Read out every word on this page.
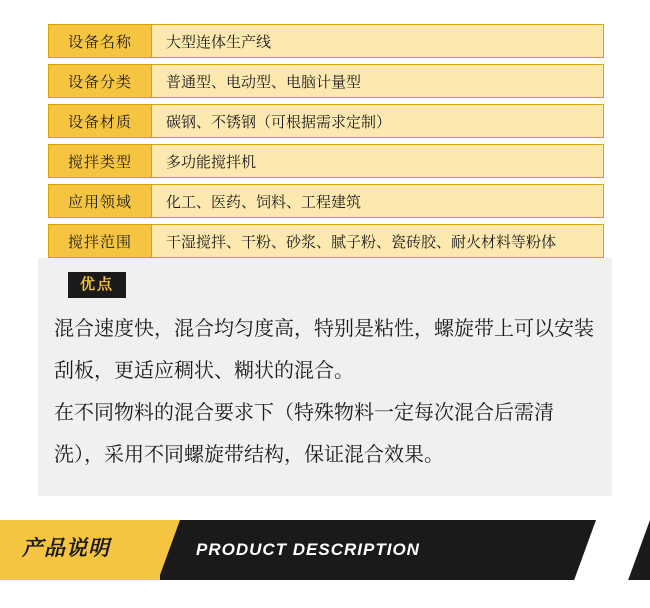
设备名称	大型连体生产线
设备分类	普通型、电动型、电脑计量型
设备材质	碳钢、不锈钢（可根据需求定制）
搅拌类型	多功能搅拌机
应用领域	化工、医药、饲料、工程建筑
搅拌范围	干湿搅拌、干粉、砂浆、腻子粉、瓷砖胶、耐火材料等粉体
优点

混合速度快，混合均匀度高，特别是粘性，螺旋带上可以安装刮板，更适应稠状、糊状的混合。

在不同物料的混合要求下（特殊物料一定每次混合后需清洗），采用不同螺旋带结构，保证混合效果。

产品说明	PRODUCT DESCRIPTION
